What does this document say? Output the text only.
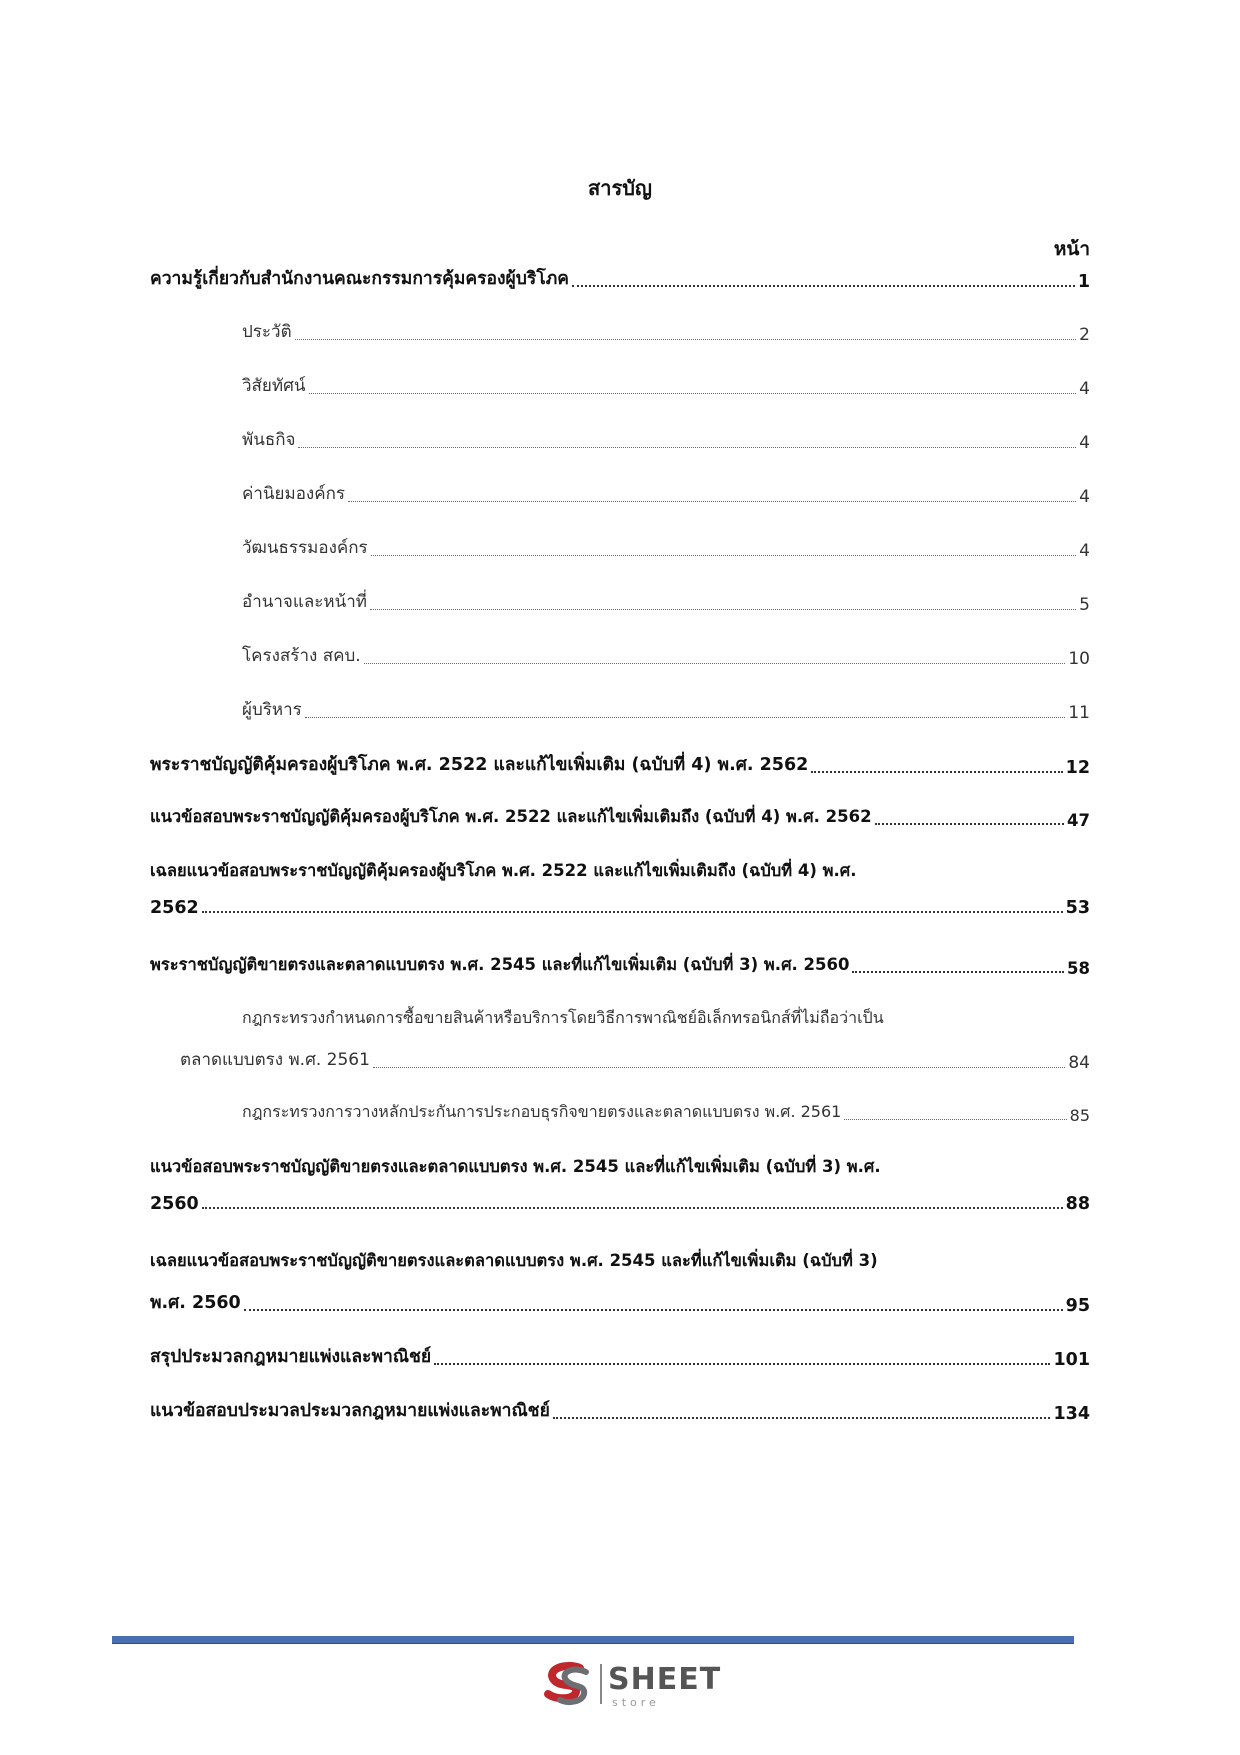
สารบัญ
หน้า
ความรู้เกี่ยวกับสำนักงานคณะกรรมการคุ้มครองผู้บริโภค	1
ประวัติ	2
วิสัยทัศน์	4
พันธกิจ	4
ค่านิยมองค์กร	4
วัฒนธรรมองค์กร	4
อำนาจและหน้าที่	5
โครงสร้าง สคบ.	10
ผู้บริหาร	11
พระราชบัญญัติคุ้มครองผู้บริโภค พ.ศ. 2522 และแก้ไขเพิ่มเติม (ฉบับที่ 4) พ.ศ. 2562	12
แนวข้อสอบพระราชบัญญัติคุ้มครองผู้บริโภค พ.ศ. 2522 และแก้ไขเพิ่มเติมถึง (ฉบับที่ 4) พ.ศ. 2562	47
เฉลยแนวข้อสอบพระราชบัญญัติคุ้มครองผู้บริโภค พ.ศ. 2522 และแก้ไขเพิ่มเติมถึง (ฉบับที่ 4) พ.ศ.
2562	53
พระราชบัญญัติขายตรงและตลาดแบบตรง พ.ศ. 2545 และที่แก้ไขเพิ่มเติม (ฉบับที่ 3) พ.ศ. 2560	58
กฎกระทรวงกำหนดการซื้อขายสินค้าหรือบริการโดยวิธีการพาณิชย์อิเล็กทรอนิกส์ที่ไม่ถือว่าเป็น
ตลาดแบบตรง พ.ศ. 2561	84
กฎกระทรวงการวางหลักประกันการประกอบธุรกิจขายตรงและตลาดแบบตรง พ.ศ. 2561	85
แนวข้อสอบพระราชบัญญัติขายตรงและตลาดแบบตรง พ.ศ. 2545 และที่แก้ไขเพิ่มเติม (ฉบับที่ 3) พ.ศ.
2560	88
เฉลยแนวข้อสอบพระราชบัญญัติขายตรงและตลาดแบบตรง พ.ศ. 2545 และที่แก้ไขเพิ่มเติม (ฉบับที่ 3)
พ.ศ. 2560	95
สรุปประมวลกฎหมายแพ่งและพาณิชย์	101
แนวข้อสอบประมวลประมวลกฎหมายแพ่งและพาณิชย์	134
SHEET
store
